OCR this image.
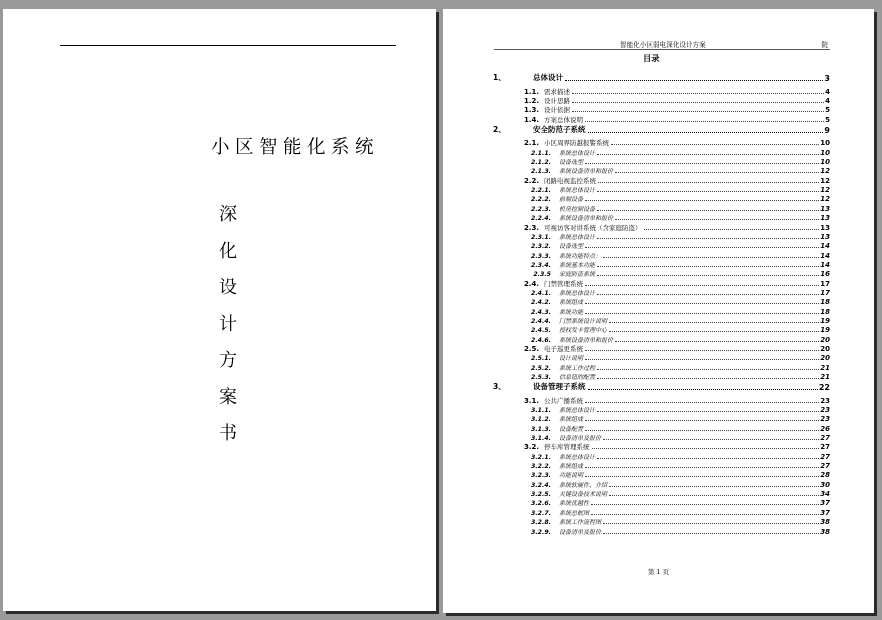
小区智能化系统
深
化
设
计
方
案
书
智能化小区弱电深化设计方案	院
目录
1、	总体设计	3
1.1. 需求描述	4
1.2. 设计思路	4
1.3. 设计依据	5
1.4. 方案总体说明	5
2、	安全防范子系统	9
2.1. 小区周界防越报警系统	10
2.1.1.	系统总体设计	10
2.1.2.	设备选型	10
2.1.3.	系统设备清单和报价	12
2.2. 闭路电视监控系统	12
2.2.1.	系统总体设计	12
2.2.2.	前端设备	12
2.2.3.	机房控制设备	13
2.2.4.	系统设备清单和报价	13
2.3. 可视访客对讲系统（含家庭防盗）	13
2.3.1.	系统总体设计	13
2.3.2.	设备选型	14
2.3.3.	系统功能特点：	14
2.3.4.	系统基本功能	14
2.3.5	家庭防盗系统	16
2.4. 门禁管理系统	17
2.4.1.	系统总体设计	17
2.4.2.	系统组成	18
2.4.3.	系统功能	18
2.4.4.	门禁系统设计说明	19
2.4.5.	授权发卡管理中心	19
2.4.6.	系统设备清单和报价	20
2.5. 电子巡更系统	20
2.5.1.	设计说明	20
2.5.2.	系统工作过程	21
2.5.3.	信息钮的配置	21
3、	设备管理子系统	22
3.1. 公共广播系统	23
3.1.1.	系统总体设计	23
3.1.2.	系统组成	23
3.1.3.	设备配置	26
3.1.4.	设备清单及报价	27
3.2. 停车库管理系统	27
3.2.1.	系统总体设计	27
3.2.2.	系统组成	27
3.2.3.	功能说明	28
3.2.4.	系统软硬件、介绍	30
3.2.5.	关键设备技术说明	34
3.2.6.	系统优越性	37
3.2.7.	系统总框图	37
3.2.8.	系统工作流程图	38
3.2.9.	设备清单及报价	38
第 1 页
